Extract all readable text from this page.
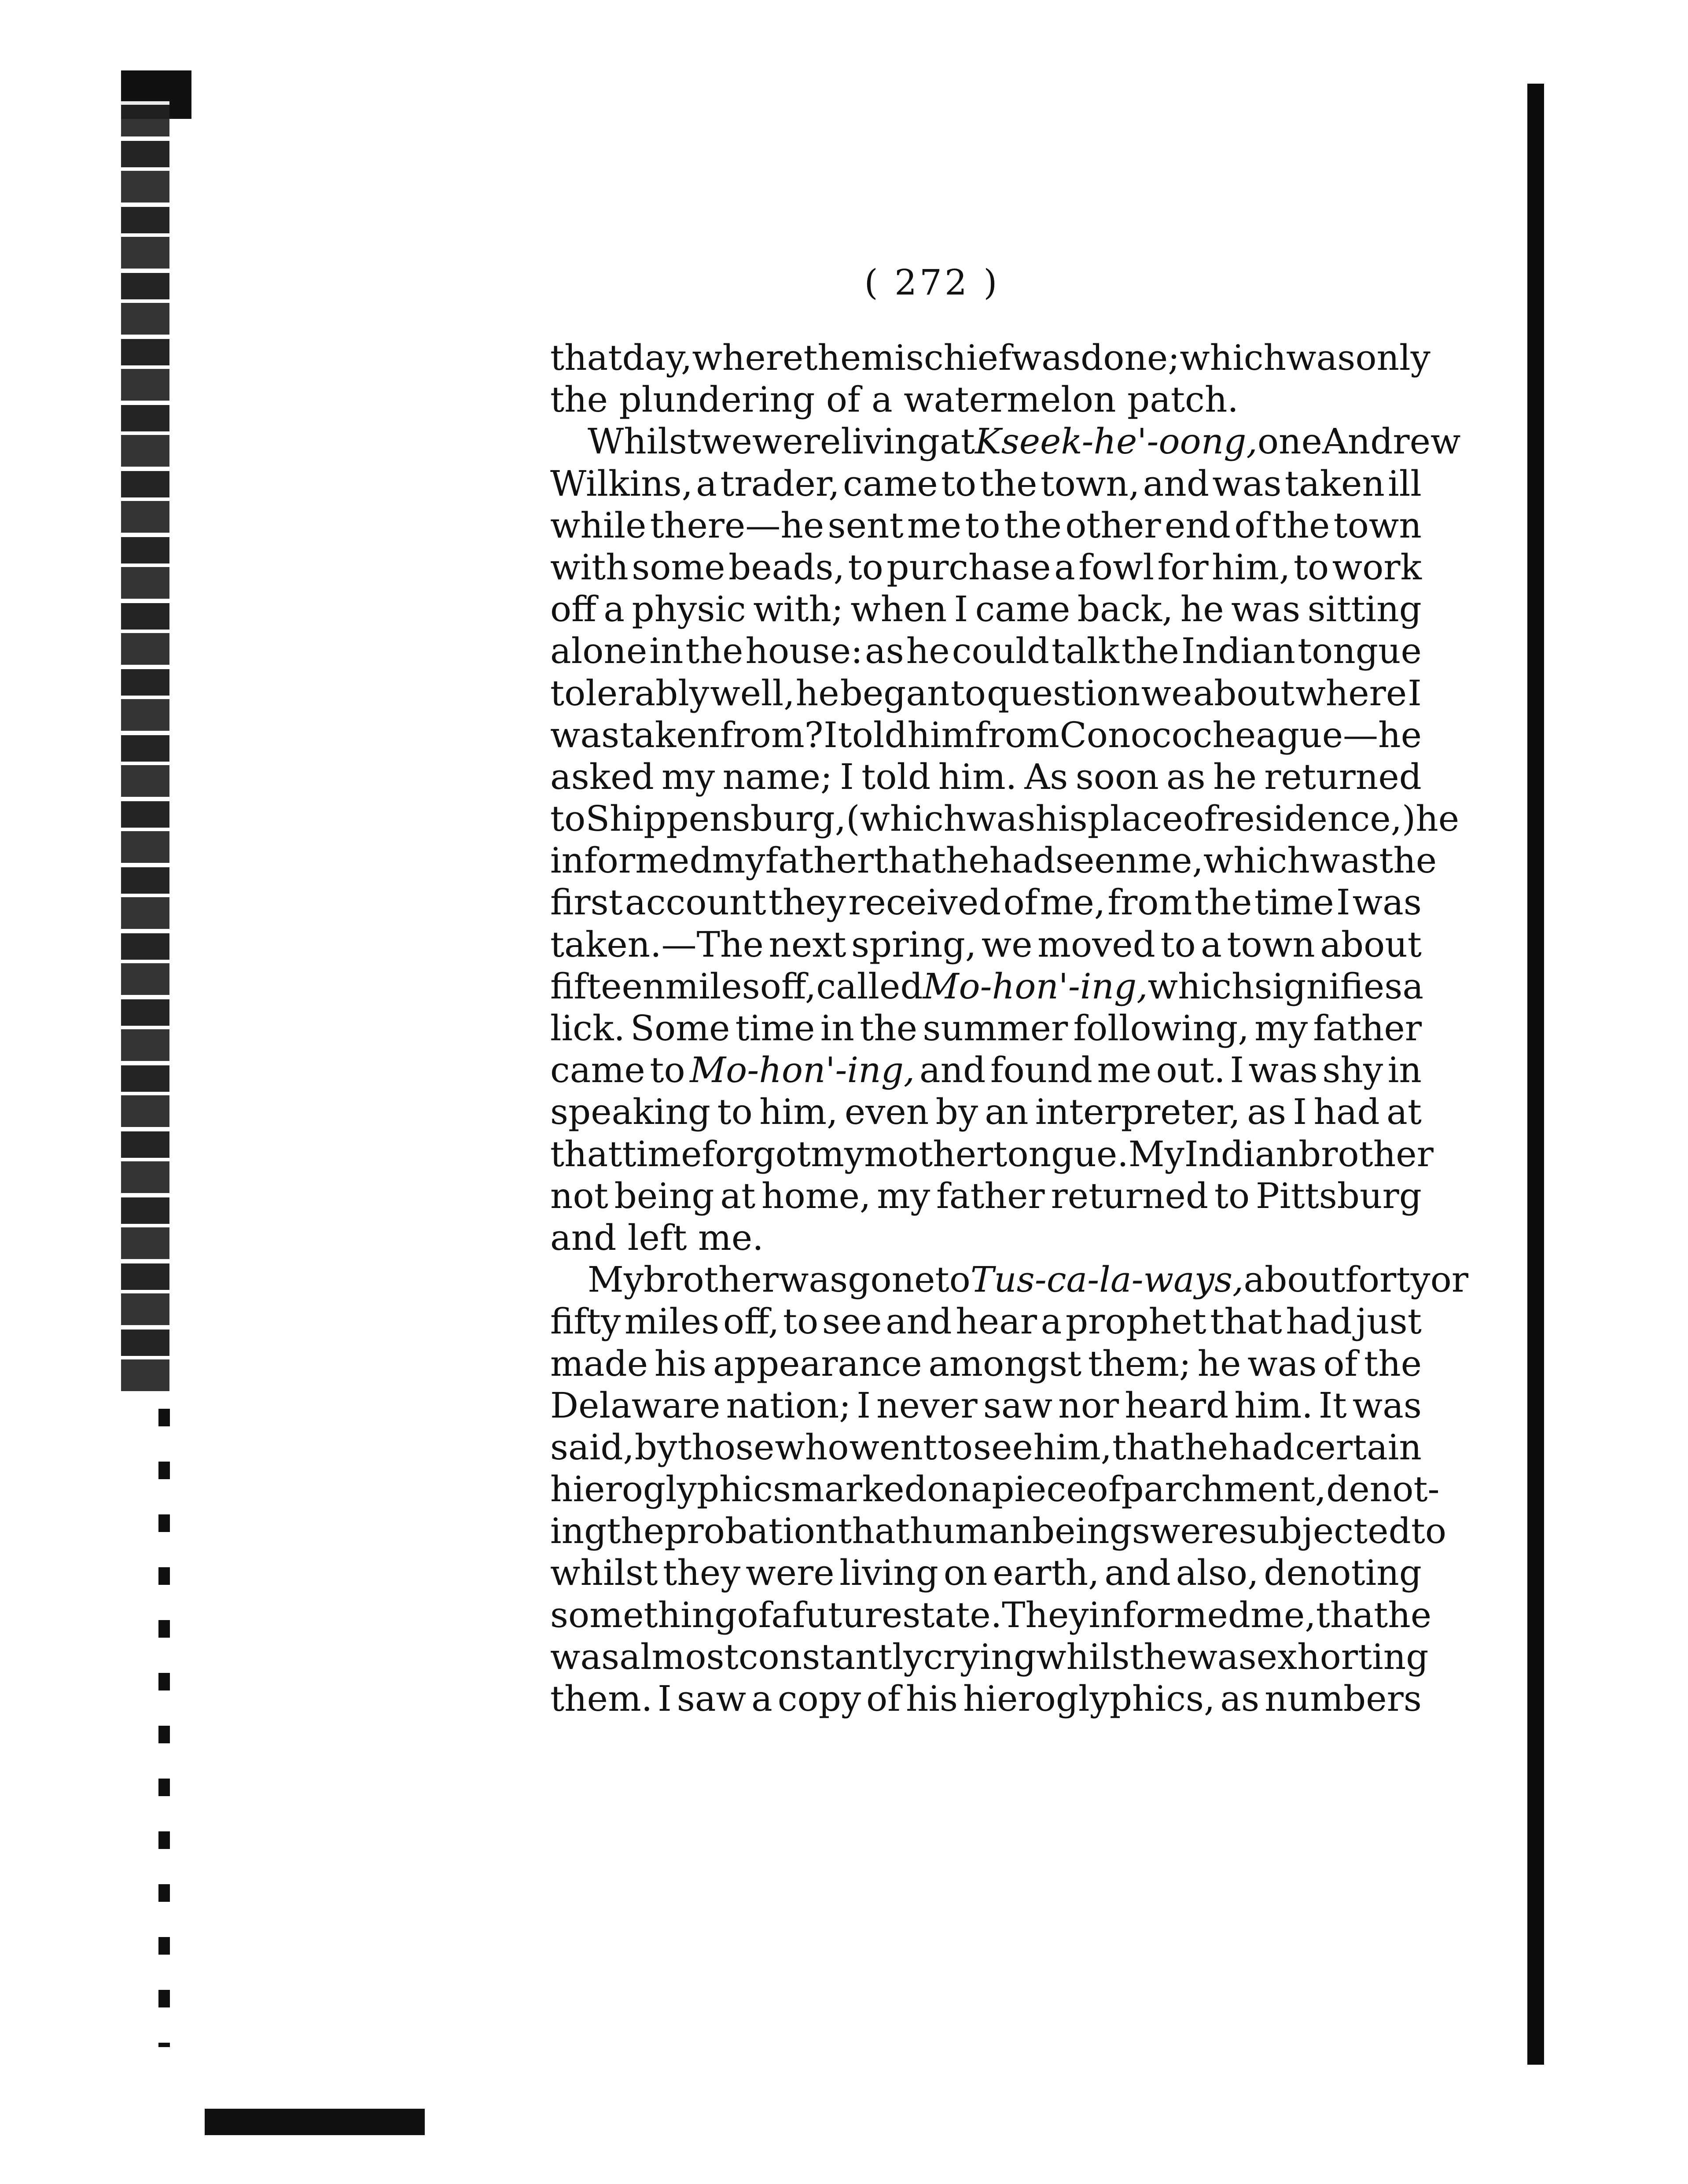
( 272 )
that day, where the mischief was done; which was only
the plundering of a watermelon patch.
Whilst we were living at Kseek-he'-oong, one Andrew
Wilkins, a trader, came to the town, and was taken ill
while there—he sent me to the other end of the town
with some beads, to purchase a fowl for him, to work
off a physic with; when I came back, he was sitting
alone in the house: as he could talk the Indian tongue
tolerably well, he began to question we about where I
was taken from? I told him from Conococheague—he
asked my name; I told him. As soon as he returned
to Shippensburg, (which was his place of residence,) he
informed my father that he had seen me, which was the
first account they received of me, from the time I was
taken.—The next spring, we moved to a town about
fifteen miles off, called Mo-hon'-ing, which signifies a
lick. Some time in the summer following, my father
came to Mo-hon'-ing, and found me out. I was shy in
speaking to him, even by an interpreter, as I had at
that time forgot my mother tongue. My Indian brother
not being at home, my father returned to Pittsburg
and left me.
My brother was gone to Tus-ca-la-ways, about forty or
fifty miles off, to see and hear a prophet that had just
made his appearance amongst them; he was of the
Delaware nation; I never saw nor heard him. It was
said, by those who went to see him, that he had certain
hieroglyphics marked on a piece of parchment, denot-
ing the probation that human beings were subjected to
whilst they were living on earth, and also, denoting
something of a future state. They informed me, that he
was almost constantly crying whilst he was exhorting
them. I saw a copy of his hieroglyphics, as numbers
